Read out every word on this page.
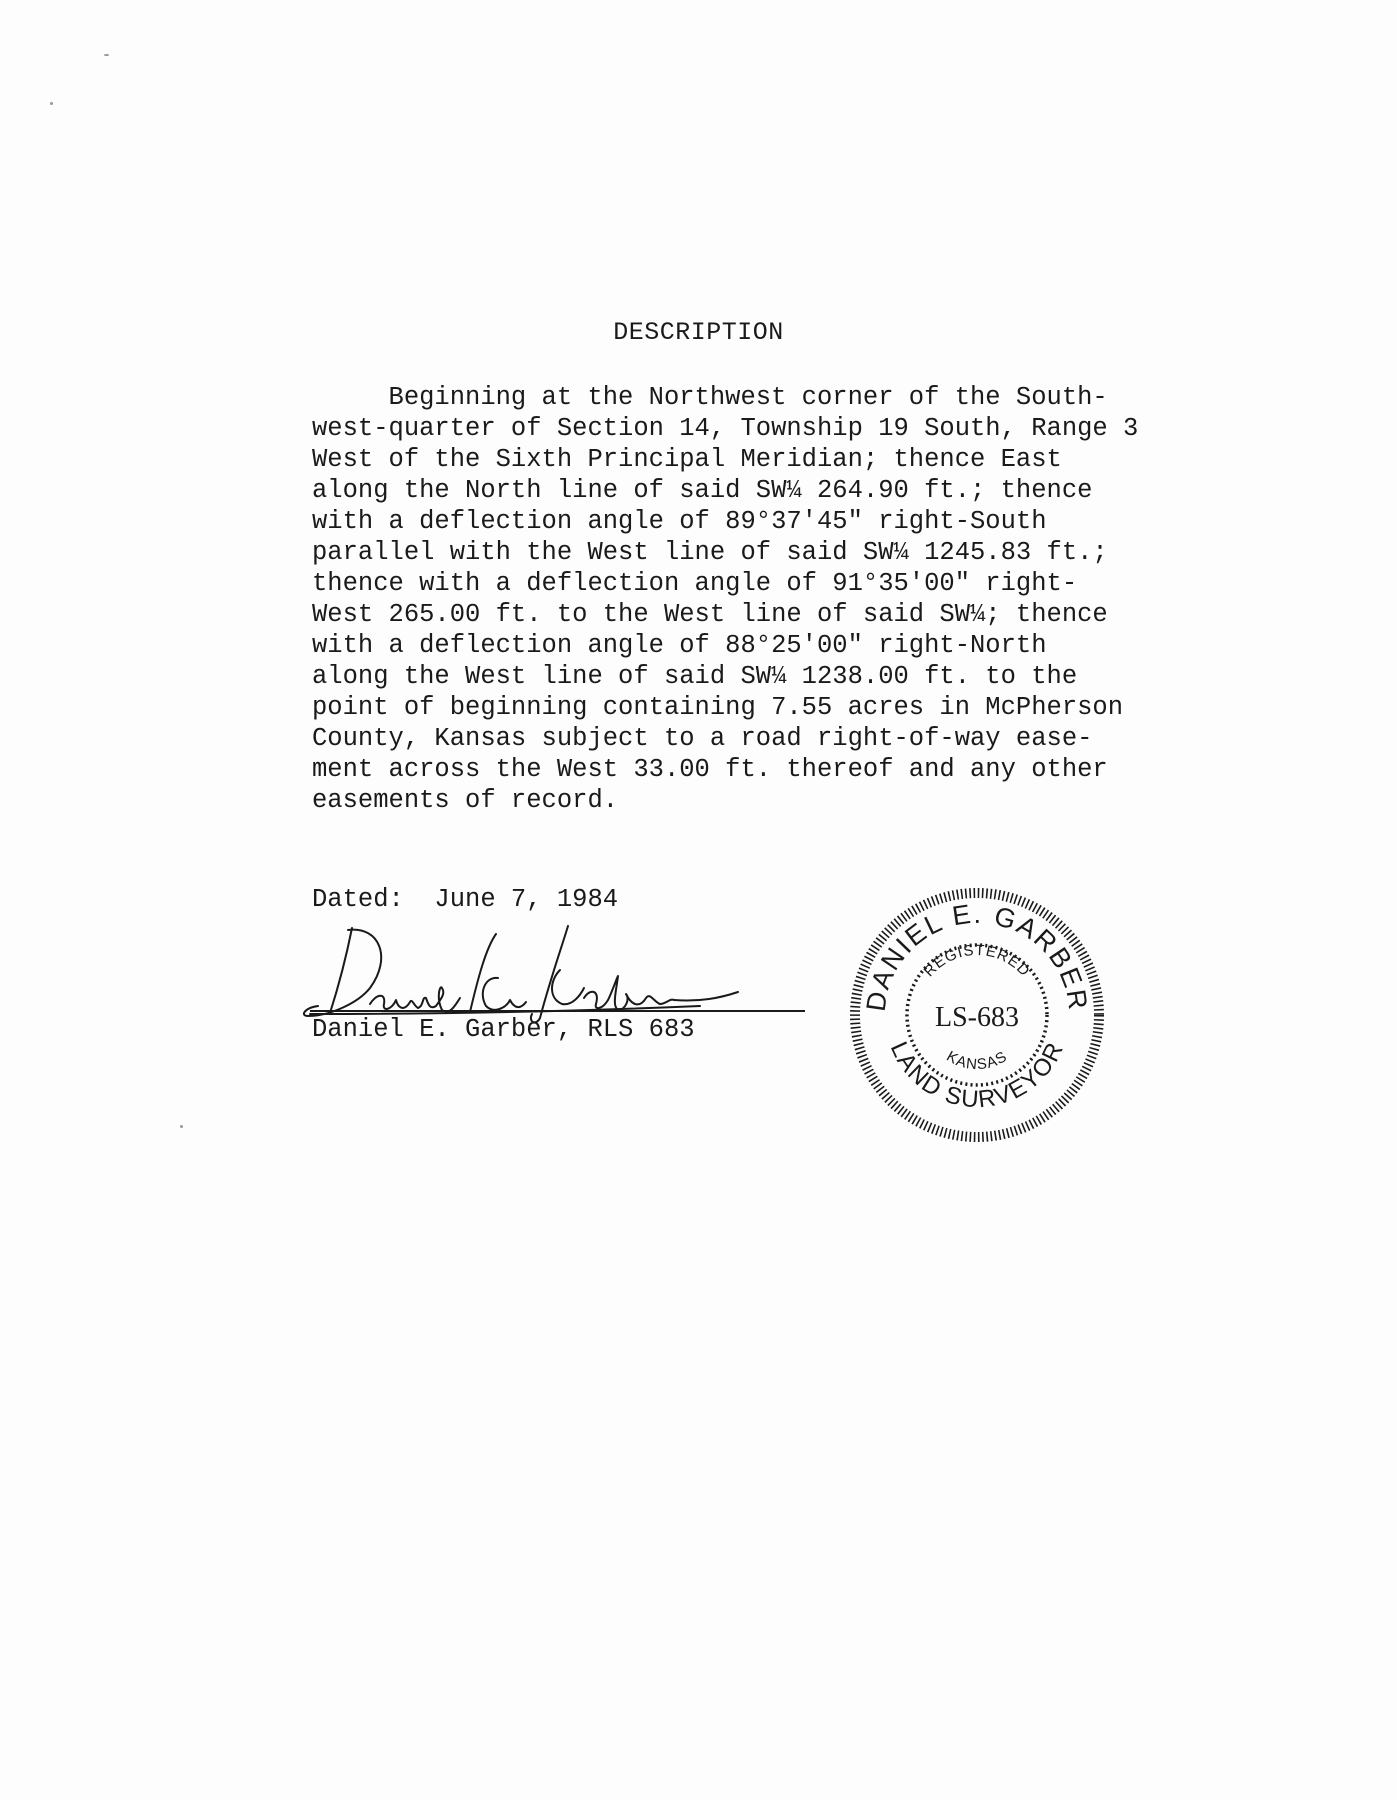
DESCRIPTION
Beginning at the Northwest corner of the South-
west-quarter of Section 14, Township 19 South, Range 3
West of the Sixth Principal Meridian; thence East
along the North line of said SW¼ 264.90 ft.; thence
with a deflection angle of 89°37'45" right-South
parallel with the West line of said SW¼ 1245.83 ft.;
thence with a deflection angle of 91°35'00" right-
West 265.00 ft. to the West line of said SW¼; thence
with a deflection angle of 88°25'00" right-North
along the West line of said SW¼ 1238.00 ft. to the
point of beginning containing 7.55 acres in McPherson
County, Kansas subject to a road right-of-way ease-
ment across the West 33.00 ft. thereof and any other
easements of record.
Dated:  June 7, 1984
Daniel E. Garber, RLS 683
DANIEL E. GARBER
REGISTERED
LS-683
KANSAS
LAND SURVEYOR
